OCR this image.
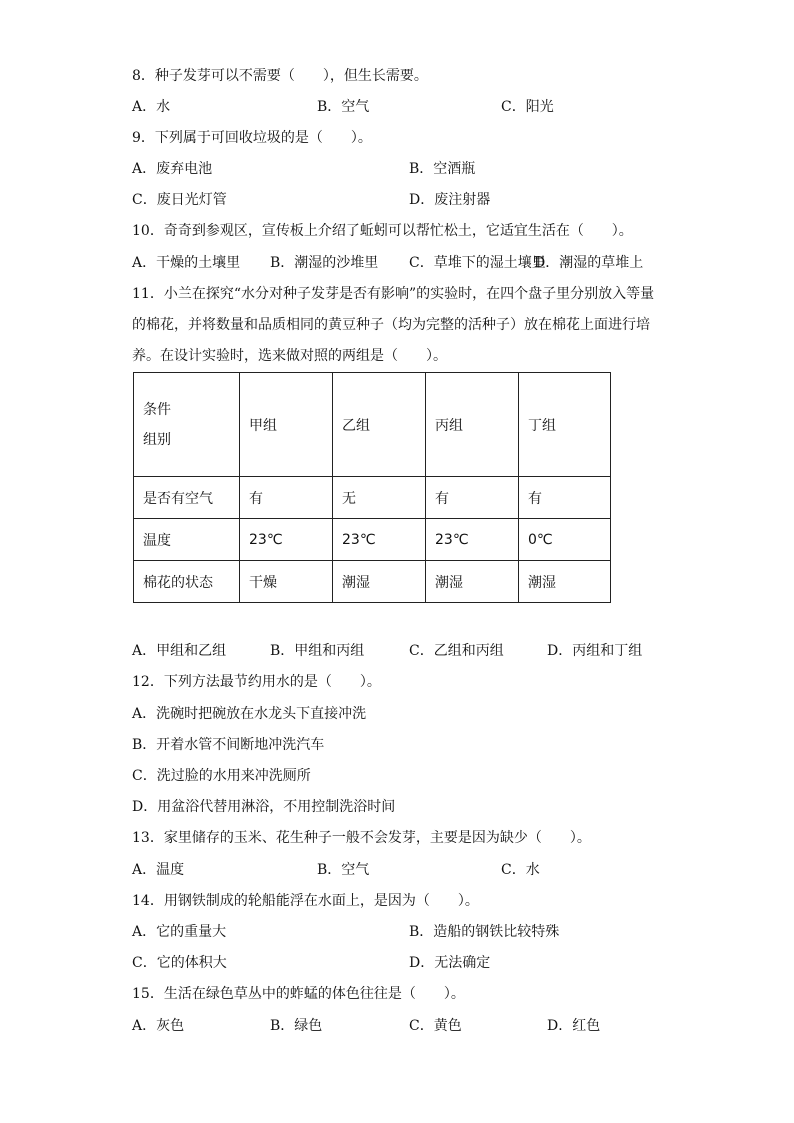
8．种子发芽可以不需要（　　），但生长需要。
A．水	B．空气	C．阳光
9．下列属于可回收垃圾的是（　　）。
A．废弃电池	B．空酒瓶
C．废日光灯管	D．废注射器
10．奇奇到参观区，宣传板上介绍了蚯蚓可以帮忙松土，它适宜生活在（　　）。
A．干燥的土壤里 B．潮湿的沙堆里 C．草堆下的湿土壤里
D．潮湿的草堆上
11．小兰在探究“水分对种子发芽是否有影响”的实验时，在四个盘子里分别放入等量
的棉花，并将数量和品质相同的黄豆种子（均为完整的活种子）放在棉花上面进行培
养。在设计实验时，选来做对照的两组是（　　）。
条件
组别	甲组	乙组	丙组	丁组
是否有空气	有	无	有	有
温度	23℃	23℃	23℃	0℃
棉花的状态	干燥	潮湿	潮湿	潮湿
A．甲组和乙组	B．甲组和丙组	C．乙组和丙组	D．丙组和丁组
12．下列方法最节约用水的是（　　）。
A．洗碗时把碗放在水龙头下直接冲洗
B．开着水管不间断地冲洗汽车
C．洗过脸的水用来冲洗厕所
D．用盆浴代替用淋浴，不用控制洗浴时间
13．家里储存的玉米、花生种子一般不会发芽，主要是因为缺少（　　）。
A．温度	B．空气	C．水
14．用钢铁制成的轮船能浮在水面上，是因为（　　）。
A．它的重量大	B．造船的钢铁比较特殊
C．它的体积大	D．无法确定
15．生活在绿色草丛中的蚱蜢的体色往往是（　　）。
A．灰色	B．绿色	C．黄色	D．红色
